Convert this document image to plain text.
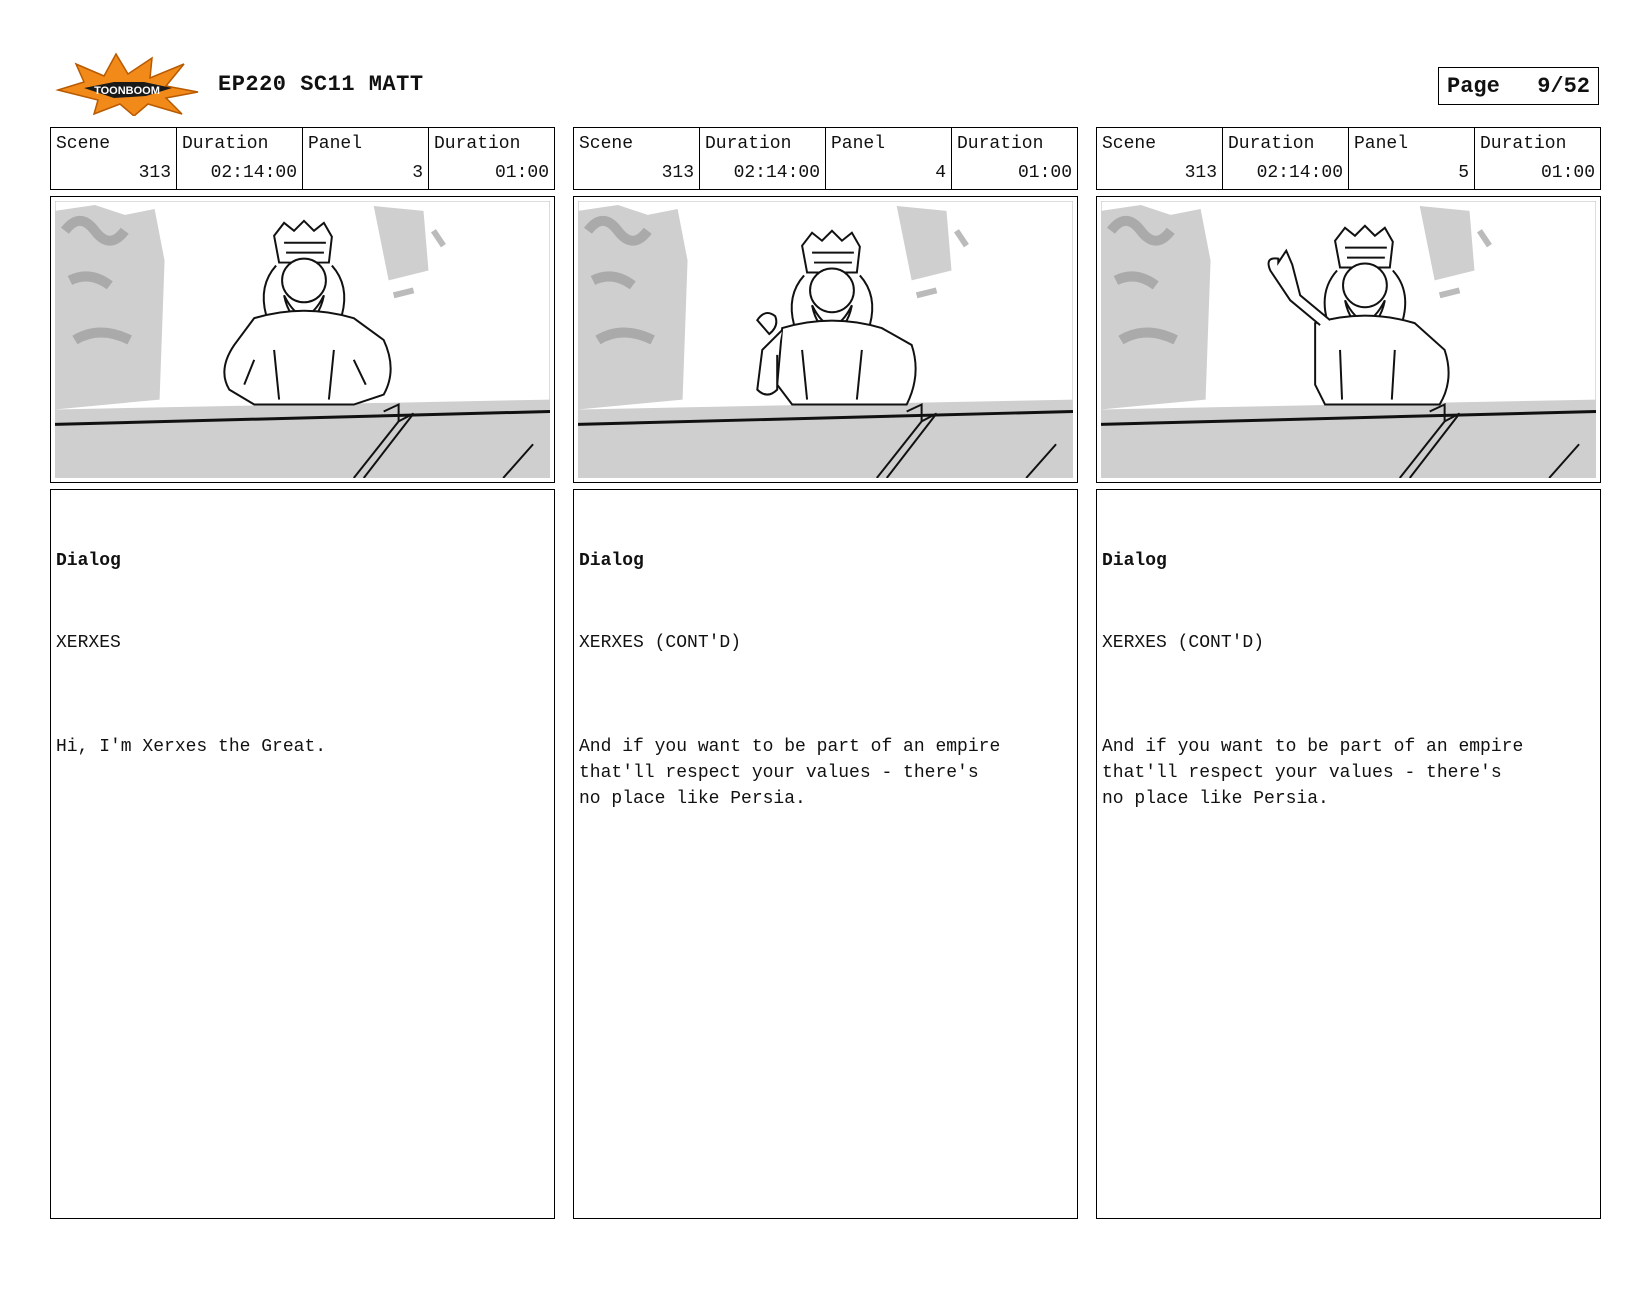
TOONBOOM	EP220 SC11 MATT	Page 9/52
Scene
313
Duration
02:14:00
Panel
3
Duration
01:00

Dialog

XERXES

Hi, I'm Xerxes the Great.

Scene
313
Duration
02:14:00
Panel
4
Duration
01:00

Dialog

XERXES (CONT'D)

And if you want to be part of an empire
that'll respect your values - there's
no place like Persia.

Scene
313
Duration
02:14:00
Panel
5
Duration
01:00

Dialog

XERXES (CONT'D)

And if you want to be part of an empire
that'll respect your values - there's
no place like Persia.
